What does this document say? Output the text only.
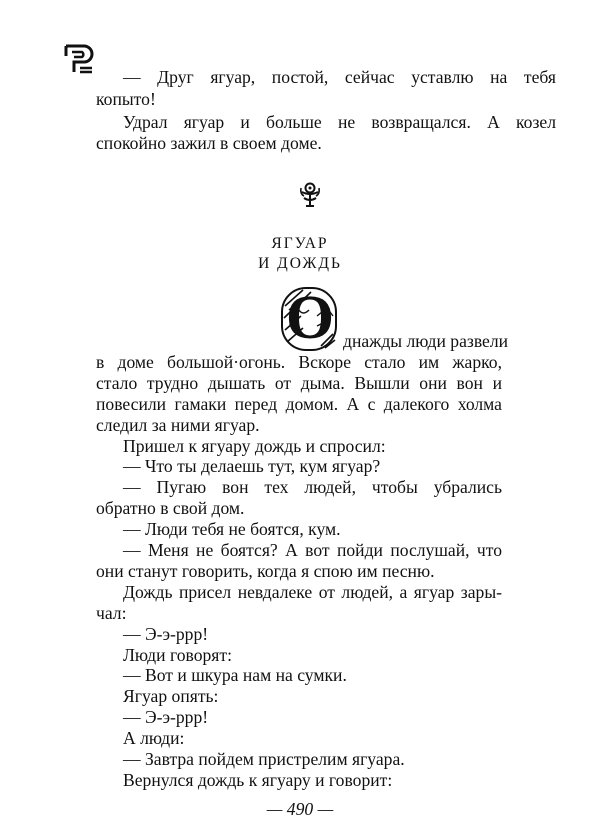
— Друг ягуар, постой, сейчас уставлю на тебя
копыто!
Удрал ягуар и больше не возвращался. А козел
спокойно зажил в своем доме.
ЯГУАР
И ДОЖДЬ
О днажды люди развели
в доме большой·огонь. Вскоре стало им жарко,
стало трудно дышать от дыма. Вышли они вон и
повесили гамаки перед домом. А с далекого холма
следил за ними ягуар.
Пришел к ягуару дождь и спросил:
— Что ты делаешь тут, кум ягуар?
— Пугаю вон тех людей, чтобы убрались
обратно в свой дом.
— Люди тебя не боятся, кум.
— Меня не боятся? А вот пойди послушай, что
они станут говорить, когда я спою им песню.
Дождь присел невдалеке от людей, а ягуар зары-
чал:
— Э-э-ррр!
Люди говорят:
— Вот и шкура нам на сумки.
Ягуар опять:
— Э-э-ррр!
А люди:
— Завтра пойдем пристрелим ягуара.
Вернулся дождь к ягуару и говорит:
— 490 —
